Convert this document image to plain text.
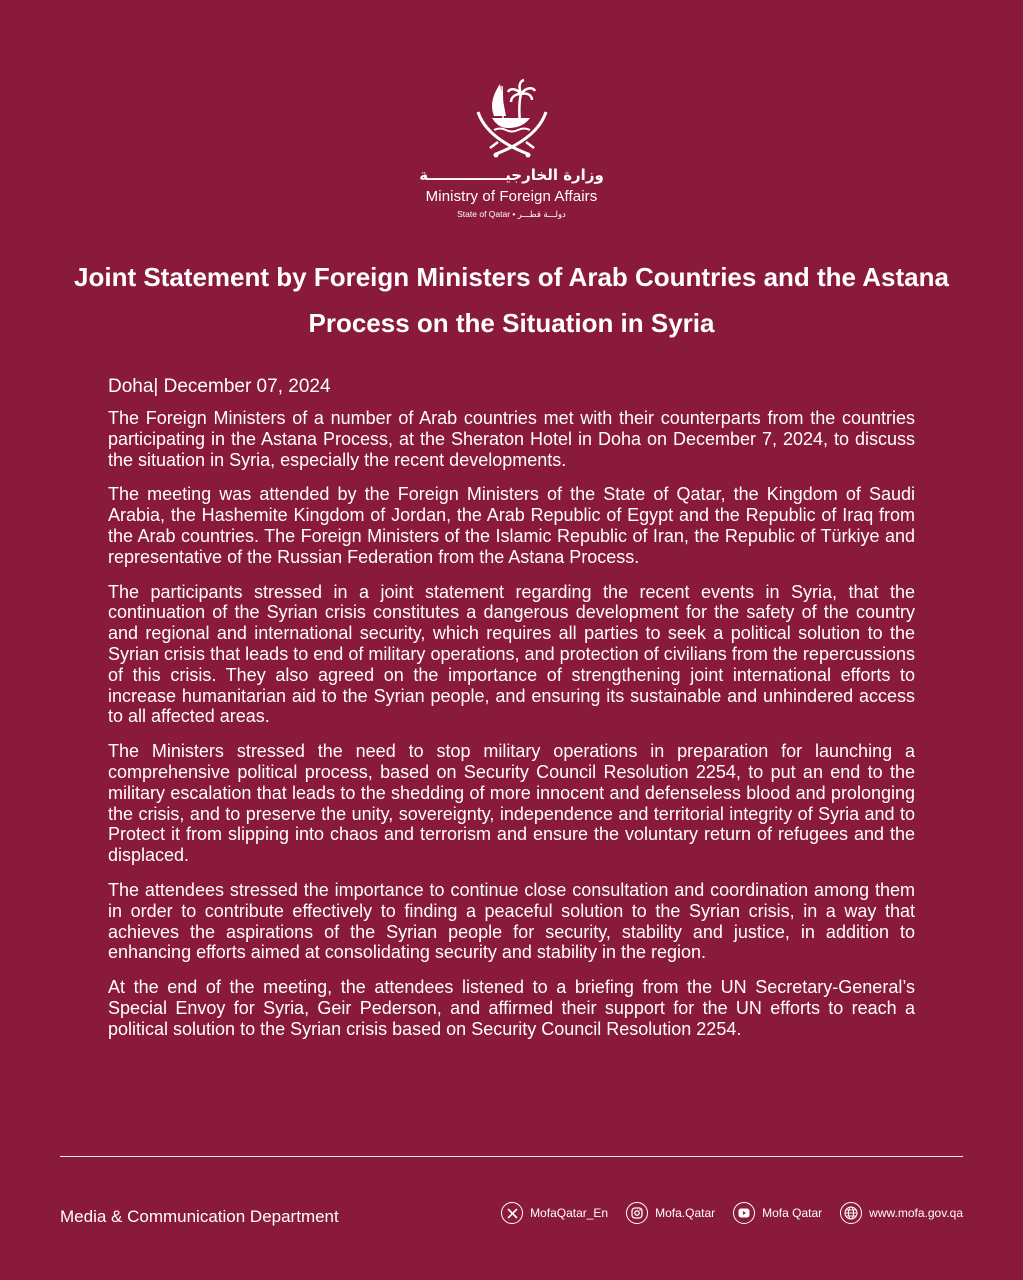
وزارة الخارجيـــــــــــــــة
Ministry of Foreign Affairs
State of Qatar • دولـــة قطـــر
Joint Statement by Foreign Ministers of Arab Countries and the Astana Process on the Situation in Syria

Doha| December 07, 2024

The Foreign Ministers of a number of Arab countries met with their counterparts from the countries participating in the Astana Process, at the Sheraton Hotel in Doha on December 7, 2024, to discuss the situation in Syria, especially the recent developments.

The meeting was attended by the Foreign Ministers of the State of Qatar, the Kingdom of Saudi Arabia, the Hashemite Kingdom of Jordan, the Arab Republic of Egypt and the Republic of Iraq from the Arab countries. The Foreign Ministers of the Islamic Republic of Iran, the Republic of Türkiye and representative of the Russian Federation from the Astana Process.

The participants stressed in a joint statement regarding the recent events in Syria, that the continuation of the Syrian crisis constitutes a dangerous development for the safety of the country and regional and international security, which requires all parties to seek a political solution to the Syrian crisis that leads to end of military operations, and protection of civilians from the repercussions of this crisis. They also agreed on the importance of strengthening joint international efforts to increase humanitarian aid to the Syrian people, and ensuring its sustainable and unhindered access to all affected areas.

The Ministers stressed the need to stop military operations in preparation for launching a comprehensive political process, based on Security Council Resolution 2254, to put an end to the military escalation that leads to the shedding of more innocent and defenseless blood and prolonging the crisis, and to preserve the unity, sovereignty, independence and territorial integrity of Syria and to Protect it from slipping into chaos and terrorism and ensure the voluntary return of refugees and the displaced.

The attendees stressed the importance to continue close consultation and coordination among them in order to contribute effectively to finding a peaceful solution to the Syrian crisis, in a way that achieves the aspirations of the Syrian people for security, stability and justice, in addition to enhancing efforts aimed at consolidating security and stability in the region.

At the end of the meeting, the attendees listened to a briefing from the UN Secretary-General’s Special Envoy for Syria, Geir Pederson, and affirmed their support for the UN efforts to reach a political solution to the Syrian crisis based on Security Council Resolution 2254.

Media & Communication Department	MofaQatar_En	Mofa.Qatar	Mofa Qatar	www.mofa.gov.qa
